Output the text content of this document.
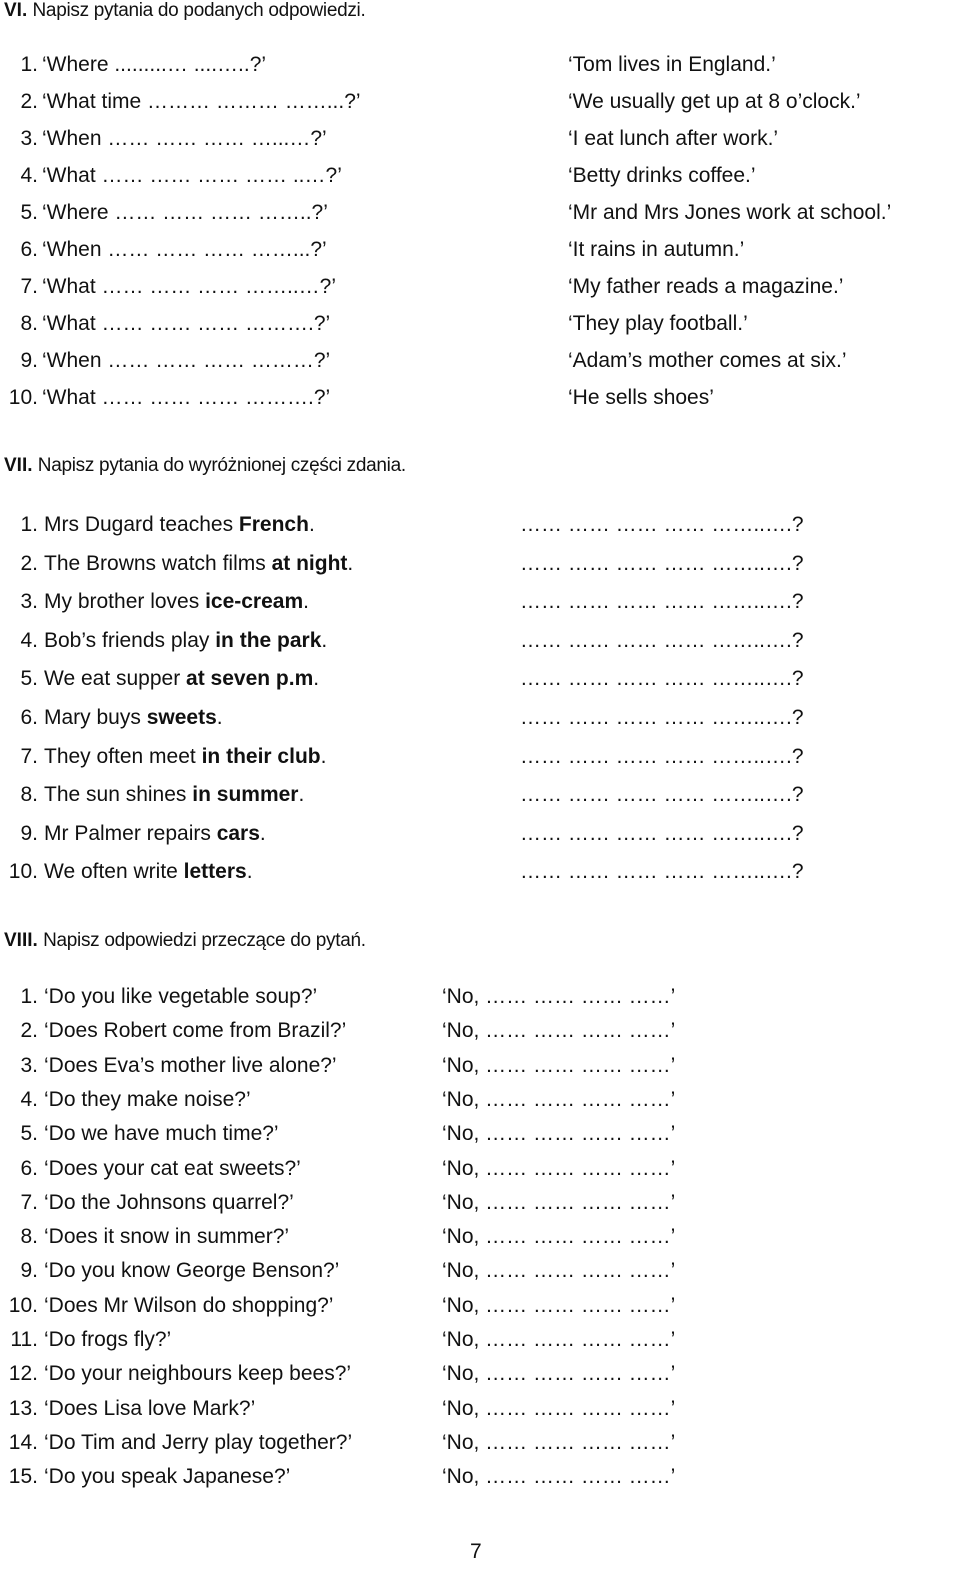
VI. Napisz pytania do podanych odpowiedzi.
1. ‘Where .........… ....…..?’	‘Tom lives in England.’
2. ‘What time ……… ……… ……...?’	‘We usually get up at 8 o’clock.’
3. ‘When …… …… …… …...…?’	‘I eat lunch after work.’
4. ‘What …… …… …… …… ..…?’	‘Betty drinks coffee.’
5. ‘Where …… …… …… ……..?’	‘Mr and Mrs Jones work at school.’
6. ‘When …… …… …… ……...?’	‘It rains in autumn.’
7. ‘What …… …… …… ……..…?’	‘My father reads a magazine.’
8. ‘What …… …… …… ……….?’	‘They play football.’
9. ‘When …… …… …… ………?’	‘Adam’s mother comes at six.’
10. ‘What …… …… …… ……….?’	‘He sells shoes’
VII. Napisz pytania do wyróżnionej części zdania.
1. Mrs Dugard teaches French.	…… …… …… …… ……..….?
2. The Browns watch films at night.	…… …… …… …… ……..….?
3. My brother loves ice-cream.	…… …… …… …… ……..….?
4. Bob’s friends play in the park.	…… …… …… …… ……..….?
5. We eat supper at seven p.m.	…… …… …… …… ……..….?
6. Mary buys sweets.	…… …… …… …… ……..….?
7. They often meet in their club.	…… …… …… …… ……..….?
8. The sun shines in summer.	…… …… …… …… ……..….?
9. Mr Palmer repairs cars.	…… …… …… …… ……..….?
10. We often write letters.	…… …… …… …… ……..….?
VIII. Napisz odpowiedzi przeczące do pytań.
1. ‘Do you like vegetable soup?’	‘No, …… …… …… ……’
2. ‘Does Robert come from Brazil?’	‘No, …… …… …… ……’
3. ‘Does Eva’s mother live alone?’	‘No, …… …… …… ……’
4. ‘Do they make noise?’	‘No, …… …… …… ……’
5. ‘Do we have much time?’	‘No, …… …… …… ……’
6. ‘Does your cat eat sweets?’	‘No, …… …… …… ……’
7. ‘Do the Johnsons quarrel?’	‘No, …… …… …… ……’
8. ‘Does it snow in summer?’	‘No, …… …… …… ……’
9. ‘Do you know George Benson?’	‘No, …… …… …… ……’
10. ‘Does Mr Wilson do shopping?’	‘No, …… …… …… ……’
11. ‘Do frogs fly?’	‘No, …… …… …… ……’
12. ‘Do your neighbours keep bees?’	‘No, …… …… …… ……’
13. ‘Does Lisa love Mark?’	‘No, …… …… …… ……’
14. ‘Do Tim and Jerry play together?’	‘No, …… …… …… ……’
15. ‘Do you speak Japanese?’	‘No, …… …… …… ……’
7
